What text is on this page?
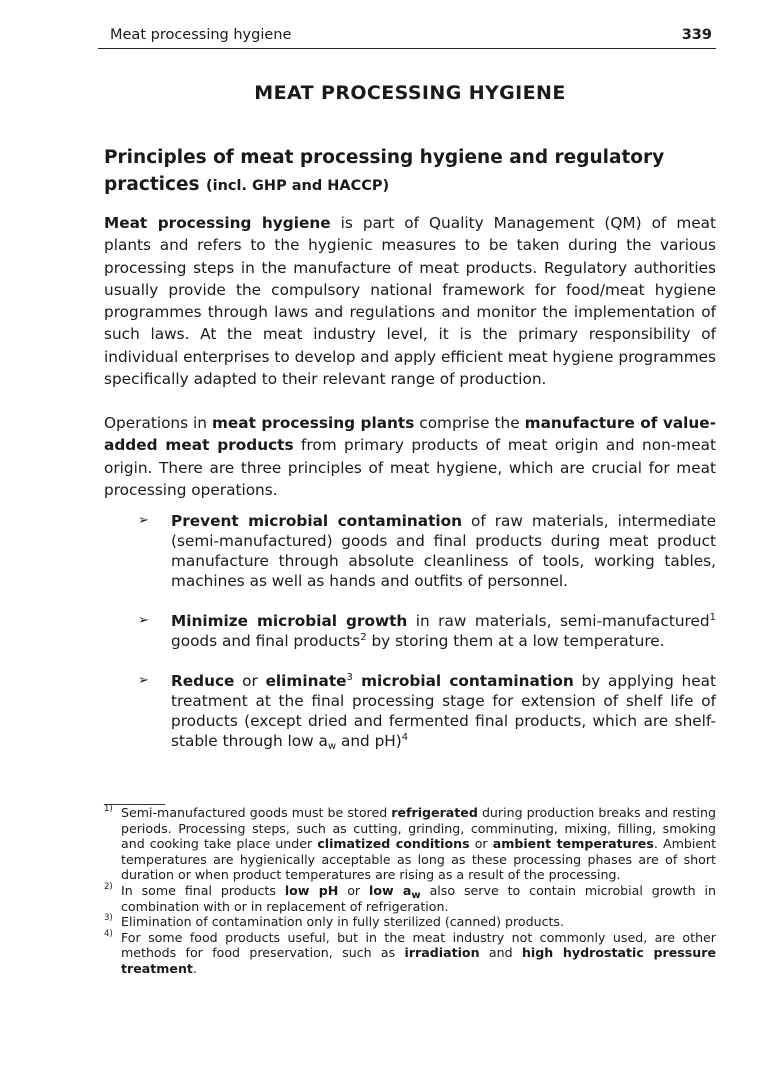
Meat processing hygiene	339
MEAT PROCESSING HYGIENE
Principles of meat processing hygiene and regulatory practices (incl. GHP and HACCP)

Meat processing hygiene is part of Quality Management (QM) of meat plants and refers to the hygienic measures to be taken during the various processing steps in the manufacture of meat products. Regulatory authorities usually provide the compulsory national framework for food/meat hygiene programmes through laws and regulations and monitor the implementation of such laws. At the meat industry level, it is the primary responsibility of individual enterprises to develop and apply efficient meat hygiene programmes specifically adapted to their relevant range of production.

Operations in meat processing plants comprise the manufacture of value-added meat products from primary products of meat origin and non-meat origin. There are three principles of meat hygiene, which are crucial for meat processing operations.

➢ Prevent microbial contamination of raw materials, intermediate (semi-manufactured) goods and final products during meat product manufacture through absolute cleanliness of tools, working tables, machines as well as hands and outfits of personnel.
➢ Minimize microbial growth in raw materials, semi-manufactured$^1$ goods and final products$^2$ by storing them at a low temperature.
➢ Reduce or eliminate$^3$ microbial contamination by applying heat treatment at the final processing stage for extension of shelf life of products (except dried and fermented final products, which are shelf-stable through low $a_w$ and pH)$^4$
____________
1) Semi-manufactured goods must be stored refrigerated during production breaks and resting periods. Processing steps, such as cutting, grinding, comminuting, mixing, filling, smoking and cooking take place under climatized conditions or ambient temperatures. Ambient temperatures are hygienically acceptable as long as these processing phases are of short duration or when product temperatures are rising as a result of the processing.
2) In some final products low pH or low $a_w$ also serve to contain microbial growth in combination with or in replacement of refrigeration.
3) Elimination of contamination only in fully sterilized (canned) products.
4) For some food products useful, but in the meat industry not commonly used, are other methods for food preservation, such as irradiation and high hydrostatic pressure treatment.
